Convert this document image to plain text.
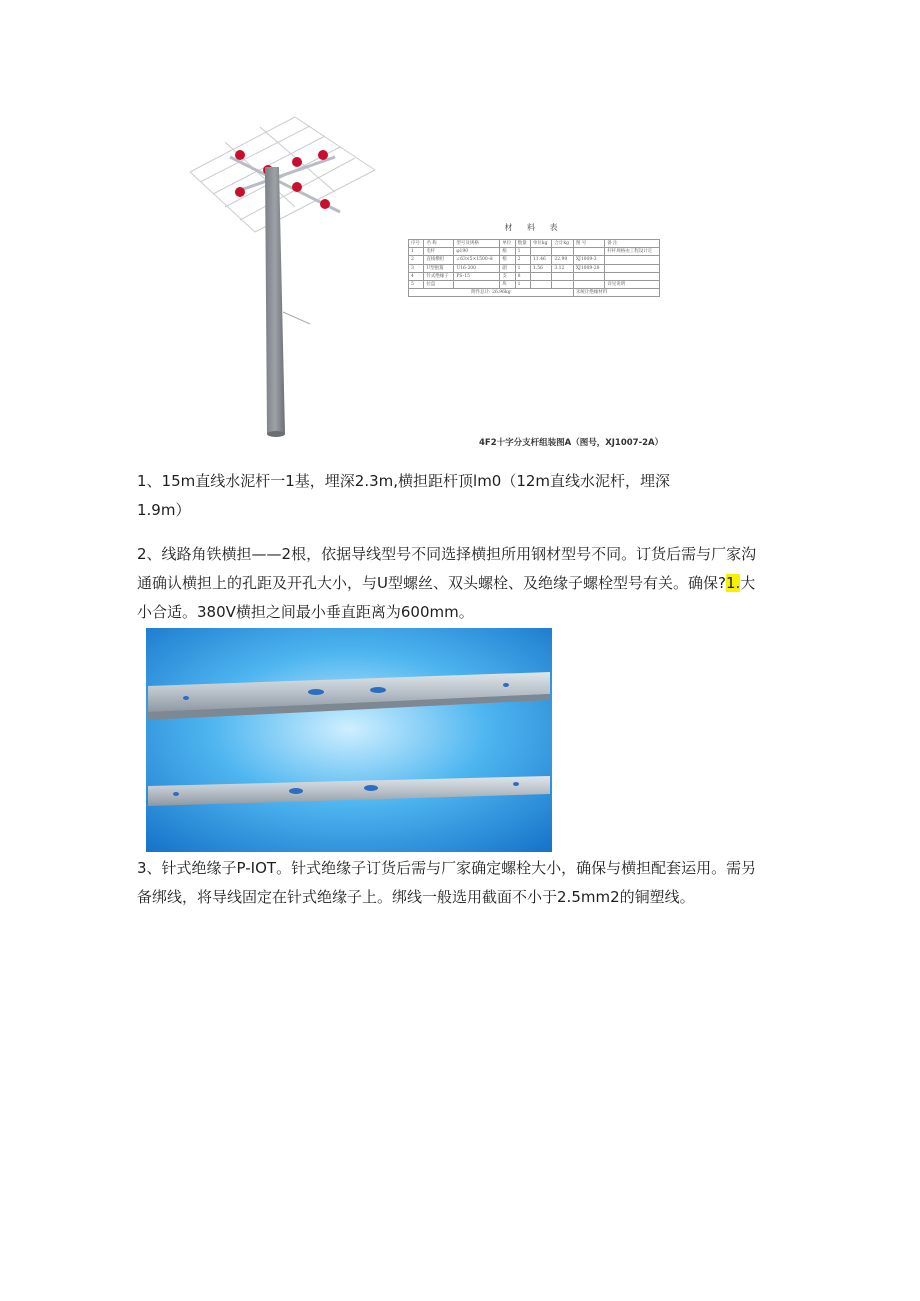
材 料 表
序号	名 称	型号及规格	单位	数量	单位kg	合计kg	图 号	备 注
1	电杆	φ190	根	1				杆杆规格由工程设计定
2	直线横担	∠63×5×1500-⑥	根	2	11.46	22.99	XJ1009-3	
3	U型抱箍	U16-200	副	1	1.56	3.12	XJ1009-28	
4	针式绝缘子	PS-15	支	8				
5	拉盘		块	1				详见说明
附件总计: 26.96kg							未统计绝缘材料	
4F2十字分支杆组装图A（图号，XJ1007-2A）
1、15m直线水泥杆一1基，埋深2.3m,横担距杆顶lm0（12m直线水泥杆，埋深
1.9m）
2、线路角铁横担——2根，依据导线型号不同选择横担所用钢材型号不同。订货后需与厂家沟
通确认横担上的孔距及开孔大小，与U型螺丝、双头螺栓、及绝缘子螺栓型号有关。确保?1.大
小合适。380V横担之间最小垂直距离为600mm。
3、针式绝缘子P-IOT。针式绝缘子订货后需与厂家确定螺栓大小，确保与横担配套运用。需另
备绑线，将导线固定在针式绝缘子上。绑线一般选用截面不小于2.5mm2的铜塑线。
